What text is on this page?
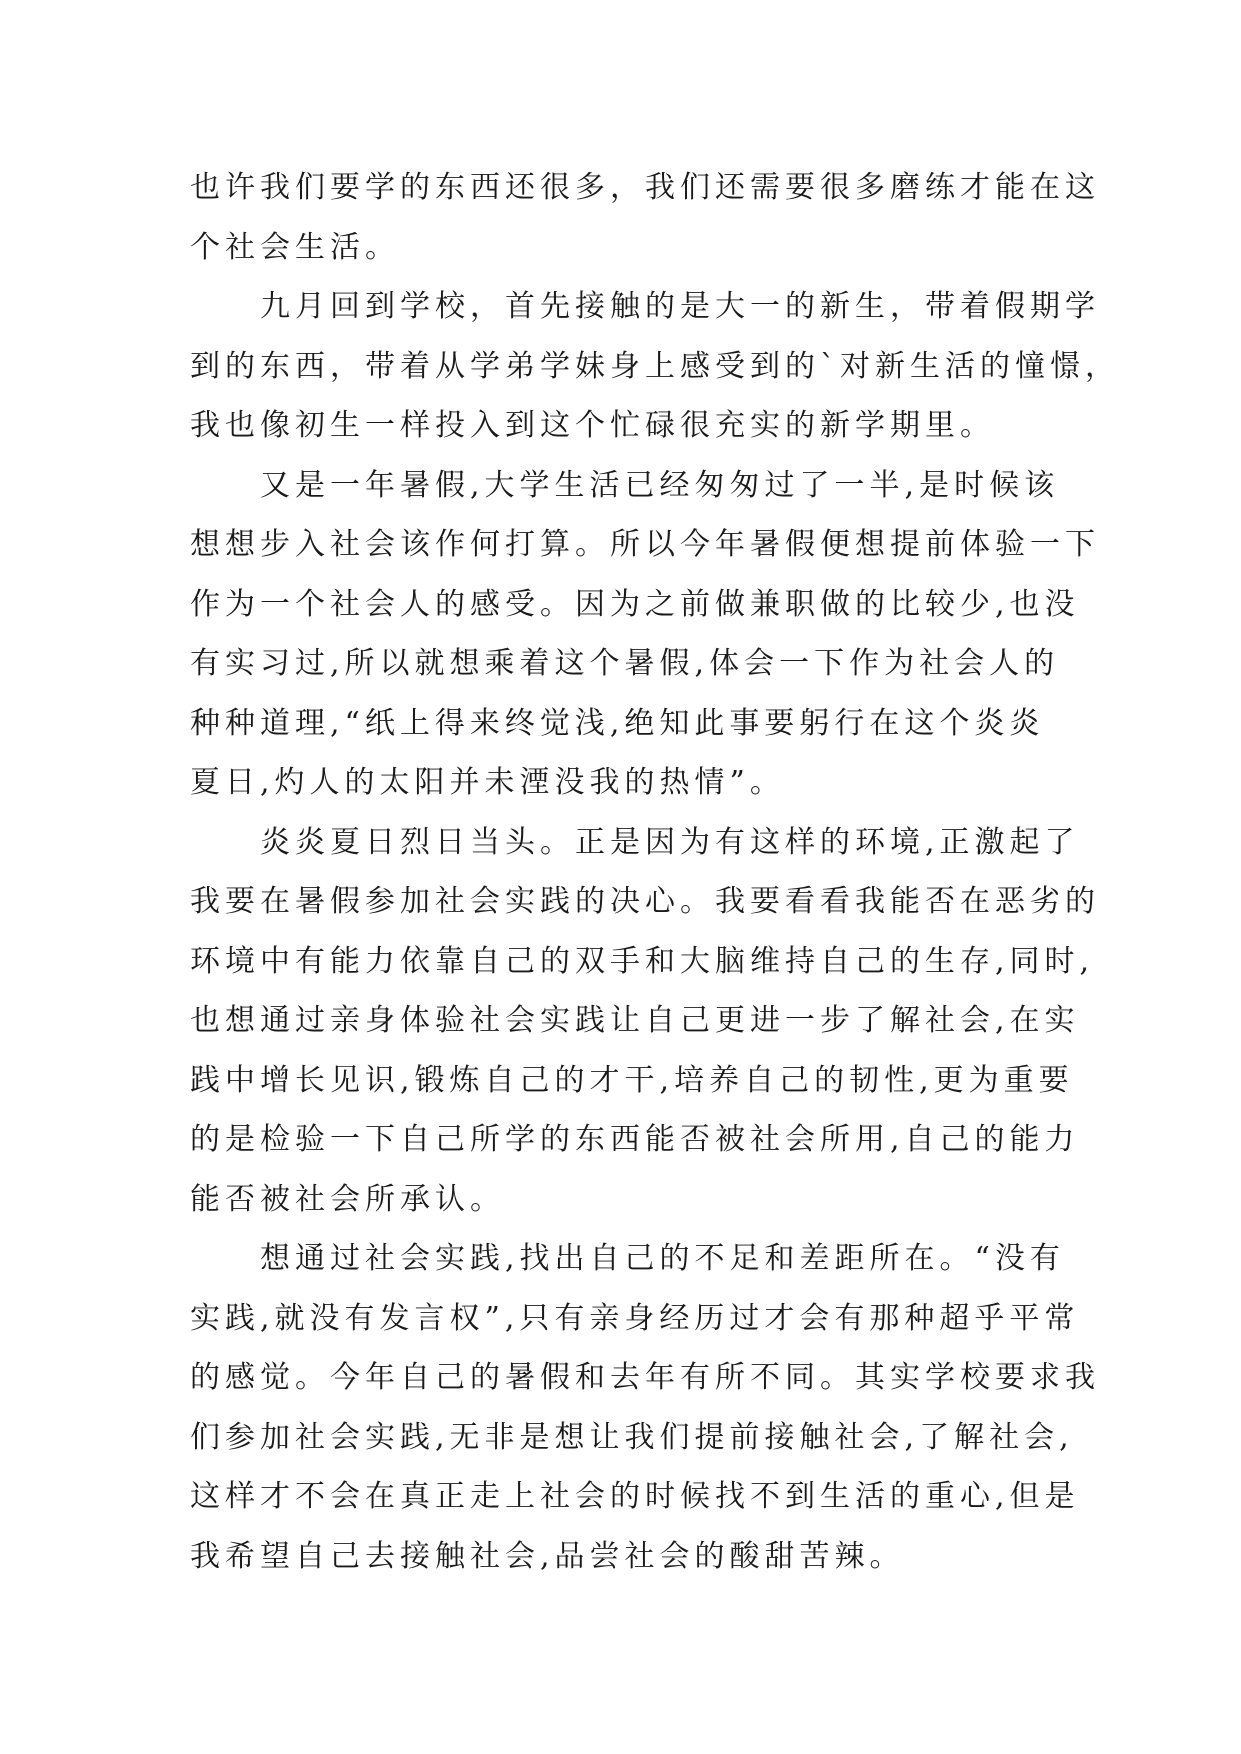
也许我们要学的东西还很多，我们还需要很多磨练才能在这
个社会生活。
九月回到学校，首先接触的是大一的新生，带着假期学
到的东西，带着从学弟学妹身上感受到的`对新生活的憧憬，
我也像初生一样投入到这个忙碌很充实的新学期里。
又是一年暑假,大学生活已经匆匆过了一半,是时候该
想想步入社会该作何打算。所以今年暑假便想提前体验一下
作为一个社会人的感受。因为之前做兼职做的比较少,也没
有实习过,所以就想乘着这个暑假,体会一下作为社会人的
种种道理,“纸上得来终觉浅,绝知此事要躬行在这个炎炎
夏日,灼人的太阳并未湮没我的热情”。
炎炎夏日烈日当头。正是因为有这样的环境,正激起了
我要在暑假参加社会实践的决心。我要看看我能否在恶劣的
环境中有能力依靠自己的双手和大脑维持自己的生存,同时,
也想通过亲身体验社会实践让自己更进一步了解社会,在实
践中增长见识,锻炼自己的才干,培养自己的韧性,更为重要
的是检验一下自己所学的东西能否被社会所用,自己的能力
能否被社会所承认。
想通过社会实践,找出自己的不足和差距所在。“没有
实践,就没有发言权”,只有亲身经历过才会有那种超乎平常
的感觉。今年自己的暑假和去年有所不同。其实学校要求我
们参加社会实践,无非是想让我们提前接触社会,了解社会,
这样才不会在真正走上社会的时候找不到生活的重心,但是
我希望自己去接触社会,品尝社会的酸甜苦辣。
